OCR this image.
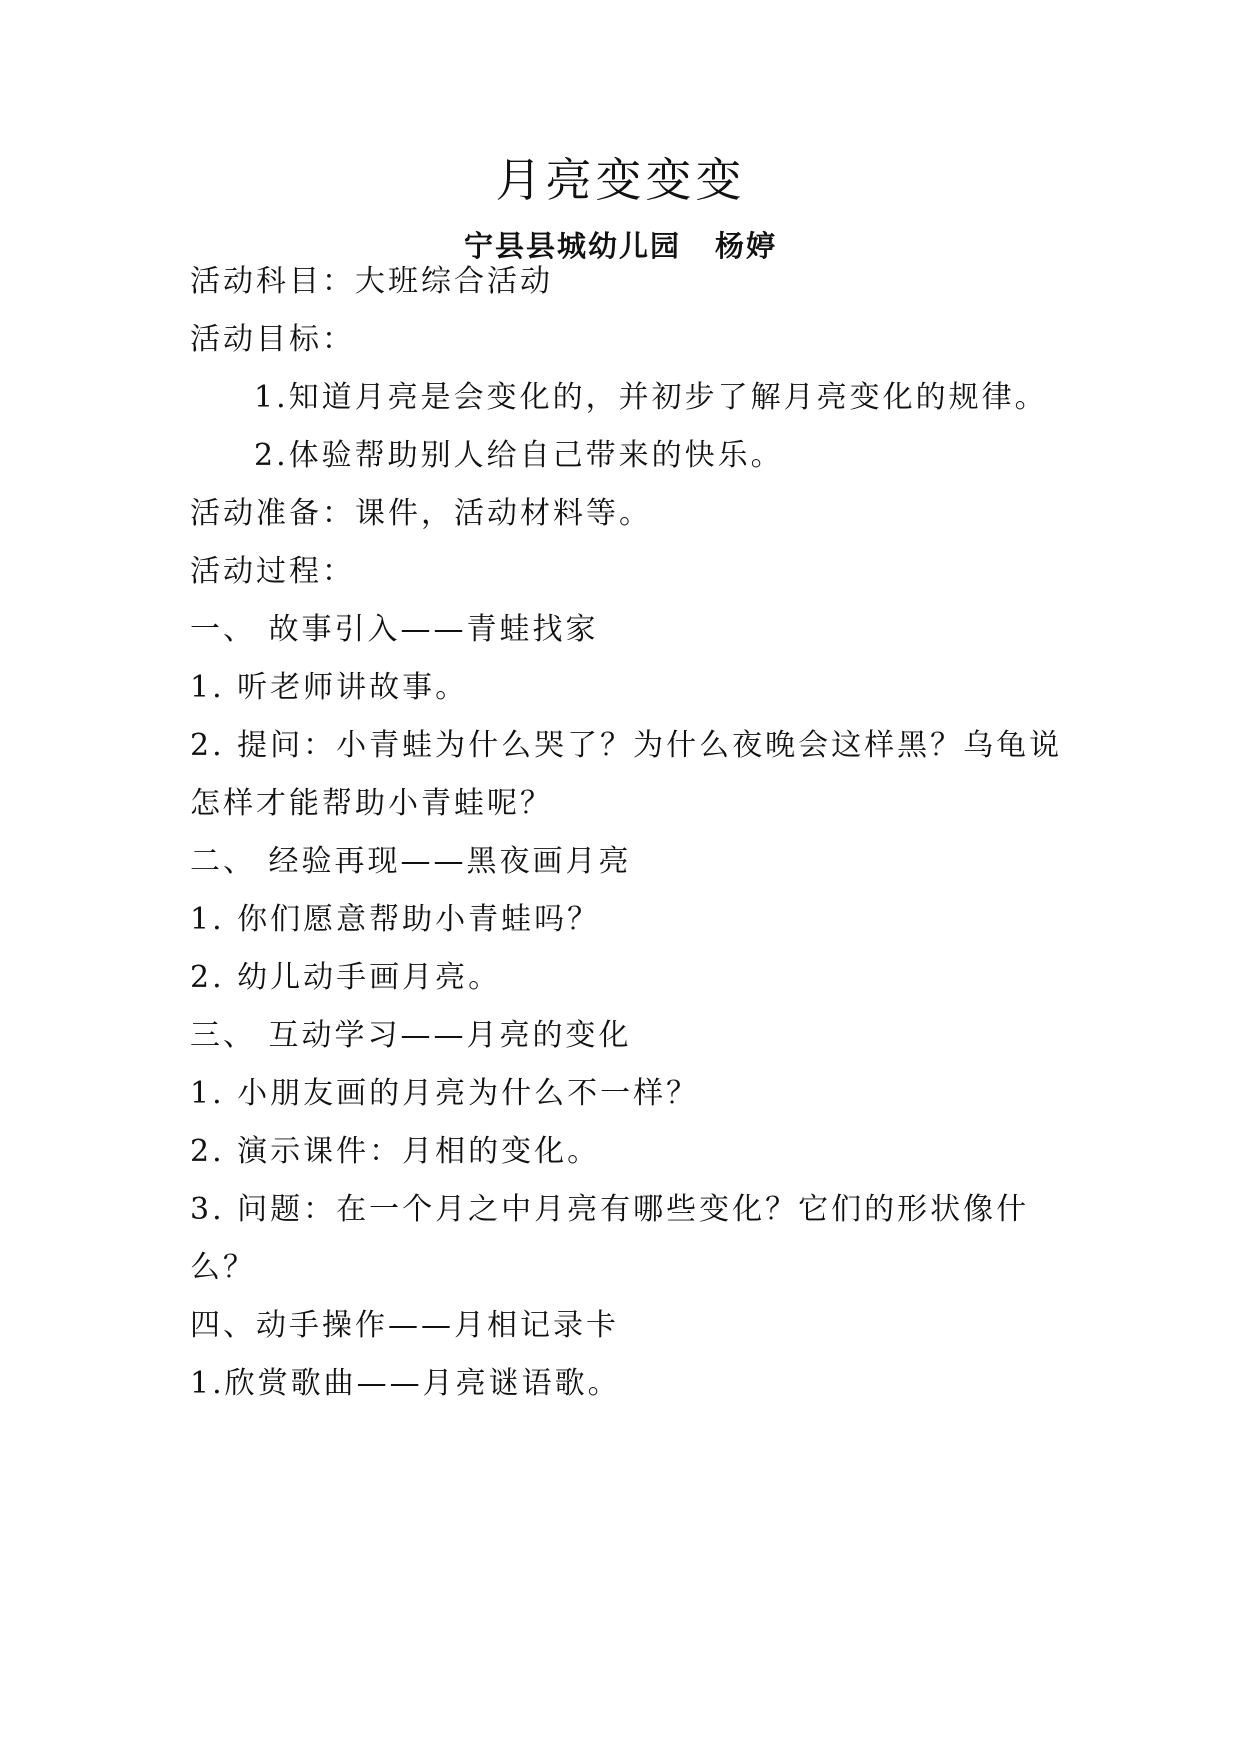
月亮变变变

宁县县城幼儿园 杨婷

活动科目：大班综合活动

活动目标：

1.知道月亮是会变化的，并初步了解月亮变化的规律。

2.体验帮助别人给自己带来的快乐。

活动准备：课件，活动材料等。

活动过程：

一、 故事引入——青蛙找家

1. 听老师讲故事。

2. 提问：小青蛙为什么哭了？为什么夜晚会这样黑？乌龟说

怎样才能帮助小青蛙呢？

二、 经验再现——黑夜画月亮

1. 你们愿意帮助小青蛙吗？

2. 幼儿动手画月亮。

三、 互动学习——月亮的变化

1. 小朋友画的月亮为什么不一样？

2. 演示课件：月相的变化。

3. 问题：在一个月之中月亮有哪些变化？它们的形状像什

么？

四、动手操作——月相记录卡

1.欣赏歌曲——月亮谜语歌。
